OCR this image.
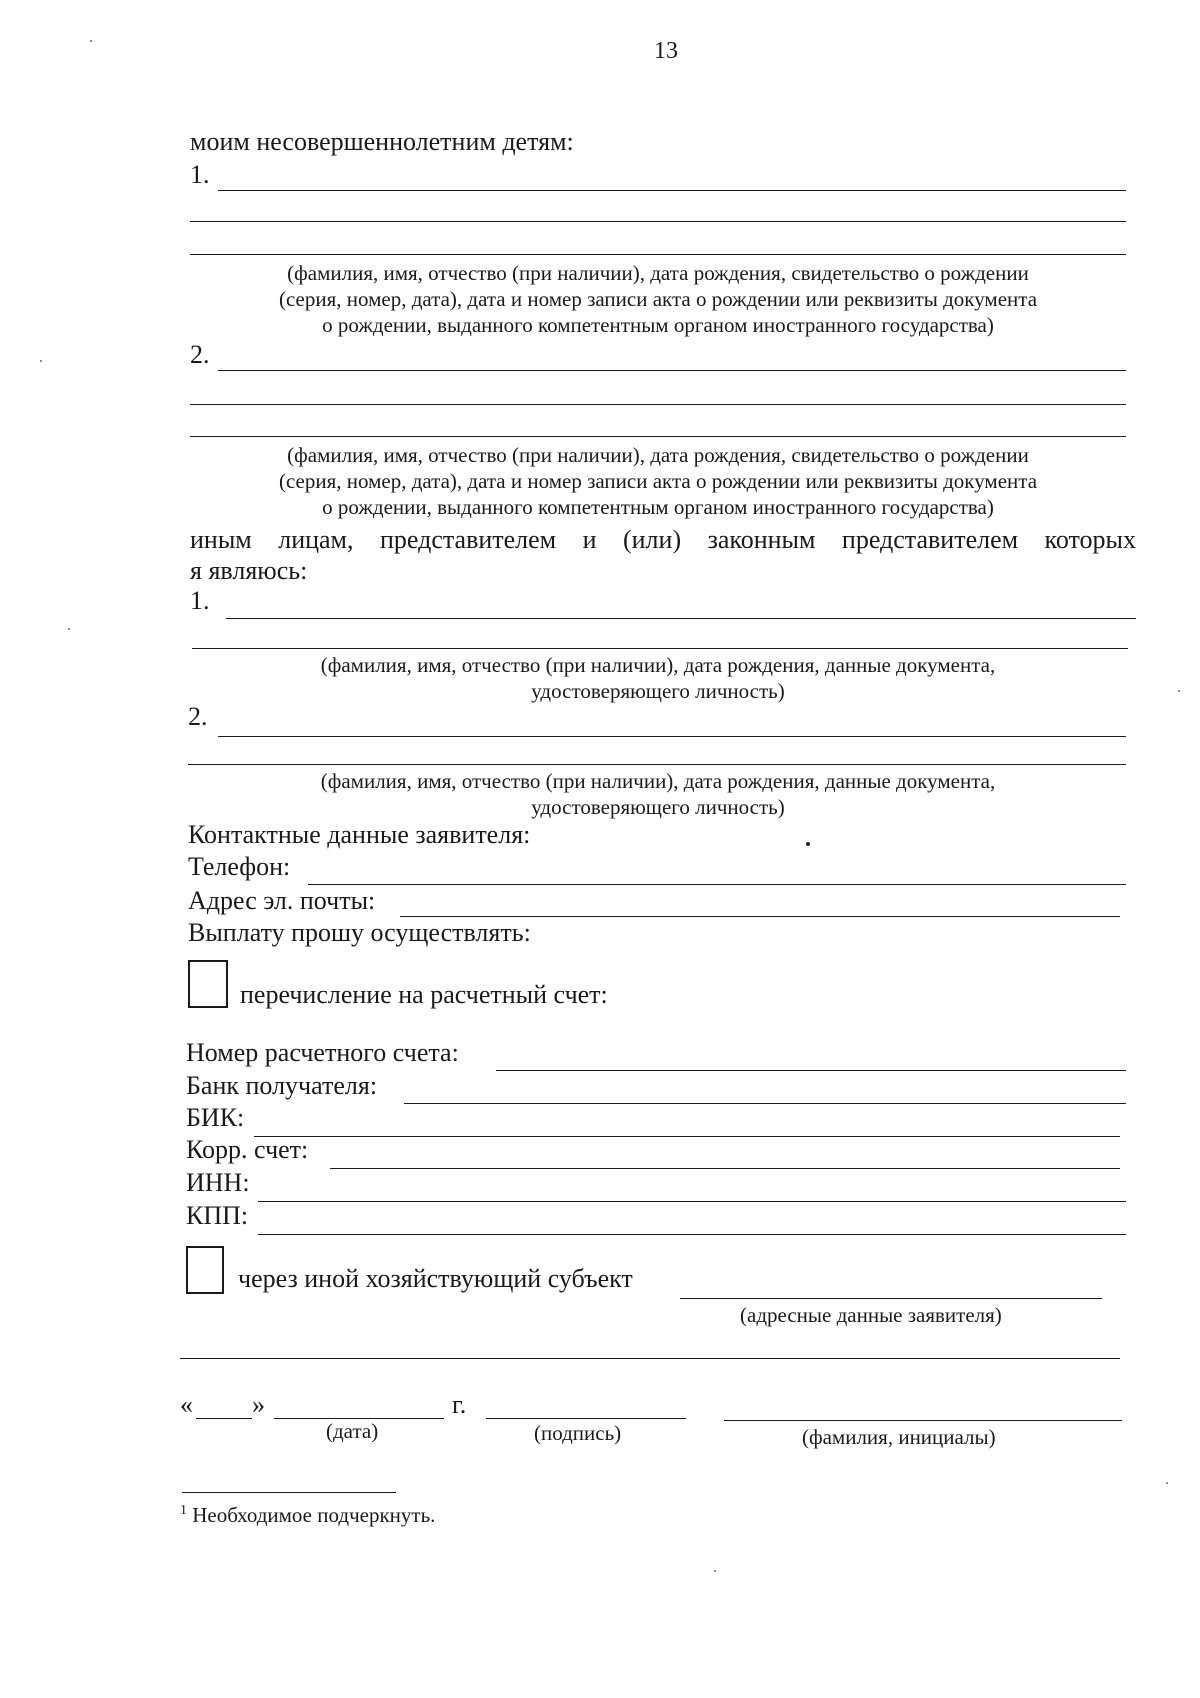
13
моим несовершеннолетним детям:
1.
(фамилия, имя, отчество (при наличии), дата рождения, свидетельство о рождении
(серия, номер, дата), дата и номер записи акта о рождении или реквизиты документа
о рождении, выданного компетентным органом иностранного государства)
2.
(фамилия, имя, отчество (при наличии), дата рождения, свидетельство о рождении
(серия, номер, дата), дата и номер записи акта о рождении или реквизиты документа
о рождении, выданного компетентным органом иностранного государства)
иным лицам, представителем и (или) законным представителем которых
я являюсь:
1.
(фамилия, имя, отчество (при наличии), дата рождения, данные документа,
удостоверяющего личность)
2.
(фамилия, имя, отчество (при наличии), дата рождения, данные документа,
удостоверяющего личность)
Контактные данные заявителя:
Телефон:
Адрес эл. почты:
Выплату прошу осуществлять:
перечисление на расчетный счет:
Номер расчетного счета:
Банк получателя:
БИК:
Корр. счет:
ИНН:
КПП:
через иной хозяйствующий субъект
(адресные данные заявителя)
« »	г.
(дата)	(подпись)	(фамилия, инициалы)
$^1$ Необходимое подчеркнуть.
